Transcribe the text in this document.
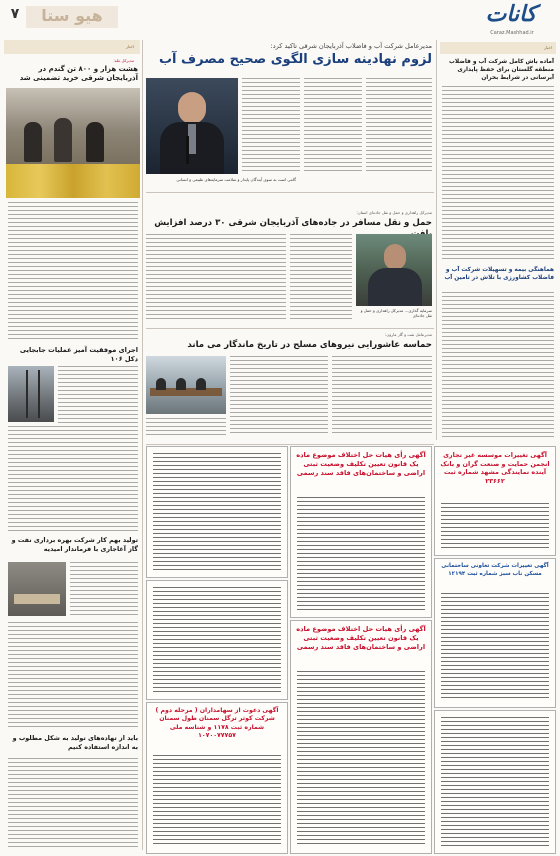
هیو ستا
۷	کانات
Caraz.Mashhad.ir
اخبار
مدیرکل غله:
هشت هزار و ۸۰۰ تن گندم در آذربایجان شرقی خرید تضمینی شد
اجرای موفقیت آمیز عملیات جابجایی دکل ۱۰۶
تولید بهم کار شرکت بهره برداری نفت و گاز آغاجاری با فرماندار امیدیه
باید از تهاده‌های تولید به شکل مطلوب و به اندازه استفاده کنیم
مدیرعامل شرکت آب و فاضلاب آذربایجان شرقی تاکید کرد:
لزوم نهادینه سازی الگوی صحیح مصرف آب
گامی است به سوی آیندگان پایدار و سلامت سرمایه‌های طبیعی و انسانی
مدیرکل راهداری و حمل و نقل جاده‌ای استان:
حمل و نقل مسافر در جاده‌های آذربایجان شرقی ۳۰ درصد افزایش
سرمایه گذاری... مدیرکل راهداری و حمل و نقل جاده‌ای
مدیرعامل نفت و گاز مارون:
حماسه عاشورایی نیروهای مسلح در تاریخ ماندگار می ماند
اخبار
آماده باش کامل شرکت آب و فاضلاب منطقه گلستان برای حفظ پایداری آبرسانی در شرایط بحران
هماهنگی بیمه و تسهیلات شرکت آب و فاضلاب کشاورزی با تلاش در تامین آب
آگهی تغییرات موسسه غیر تجاری انجمن حمایت و صنعت گران و بانک آینده نمایندگی مشهد شماره ثبت ۲۳۶۶۲
آگهی تغییرات شرکت تعاونی ساختمانی مسکن ناب سبز شماره ثبت ۱۲۱۹۴
آگهی رأی هیات حل اختلاف موضوع ماده یک قانون تعیین تکلیف وضعیت ثبتی اراضی و ساختمان‌های فاقد سند رسمی
آگهی رأی هیات حل اختلاف موضوع ماده یک قانون تعیین تکلیف وضعیت ثبتی اراضی و ساختمان‌های فاقد سند رسمی
آگهی دعوت از سهامداران ( مرحله دوم ) شرکت کوثر ترگل سمنان طول سمنان شماره ثبت ۱۱۷۸ و شناسه ملی ۱۰۷۰۰۷۷۷۵۷
